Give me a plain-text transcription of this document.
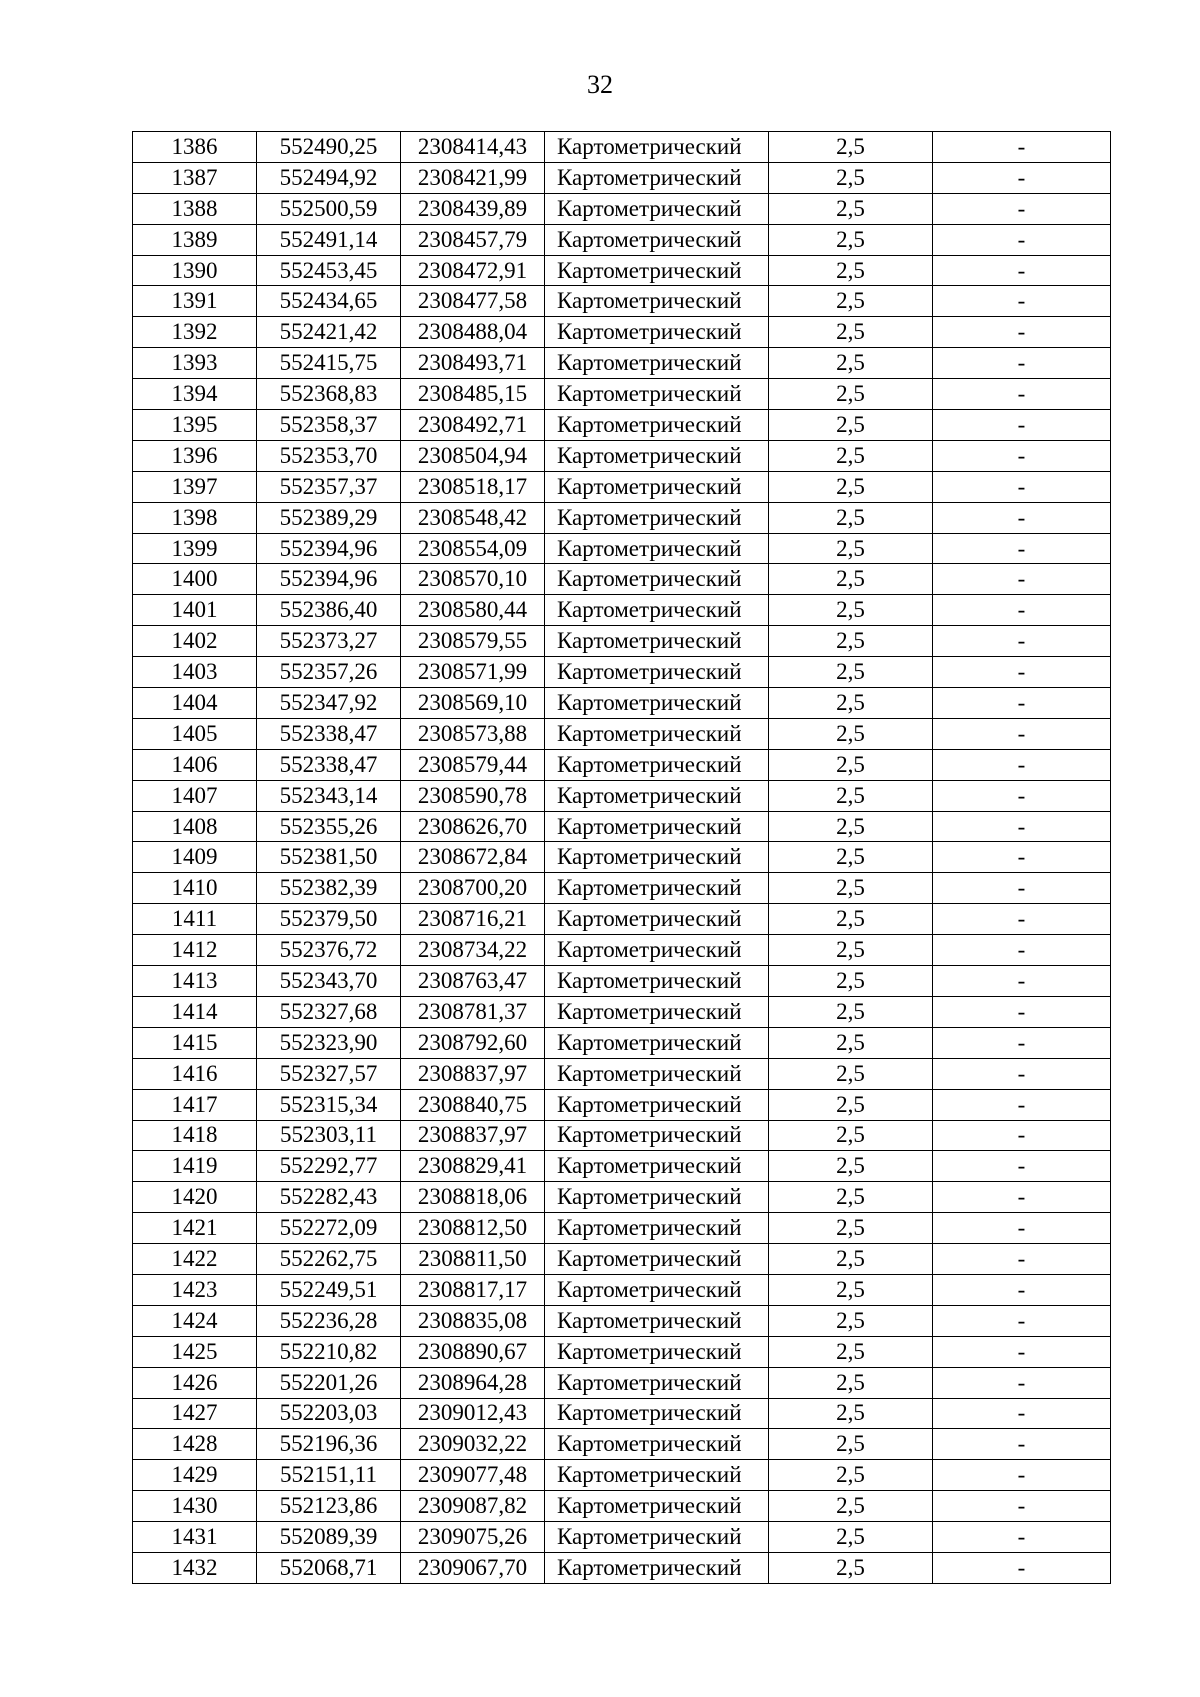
32
1386	552490,25	2308414,43	Картометрический	2,5	-
1387	552494,92	2308421,99	Картометрический	2,5	-
1388	552500,59	2308439,89	Картометрический	2,5	-
1389	552491,14	2308457,79	Картометрический	2,5	-
1390	552453,45	2308472,91	Картометрический	2,5	-
1391	552434,65	2308477,58	Картометрический	2,5	-
1392	552421,42	2308488,04	Картометрический	2,5	-
1393	552415,75	2308493,71	Картометрический	2,5	-
1394	552368,83	2308485,15	Картометрический	2,5	-
1395	552358,37	2308492,71	Картометрический	2,5	-
1396	552353,70	2308504,94	Картометрический	2,5	-
1397	552357,37	2308518,17	Картометрический	2,5	-
1398	552389,29	2308548,42	Картометрический	2,5	-
1399	552394,96	2308554,09	Картометрический	2,5	-
1400	552394,96	2308570,10	Картометрический	2,5	-
1401	552386,40	2308580,44	Картометрический	2,5	-
1402	552373,27	2308579,55	Картометрический	2,5	-
1403	552357,26	2308571,99	Картометрический	2,5	-
1404	552347,92	2308569,10	Картометрический	2,5	-
1405	552338,47	2308573,88	Картометрический	2,5	-
1406	552338,47	2308579,44	Картометрический	2,5	-
1407	552343,14	2308590,78	Картометрический	2,5	-
1408	552355,26	2308626,70	Картометрический	2,5	-
1409	552381,50	2308672,84	Картометрический	2,5	-
1410	552382,39	2308700,20	Картометрический	2,5	-
1411	552379,50	2308716,21	Картометрический	2,5	-
1412	552376,72	2308734,22	Картометрический	2,5	-
1413	552343,70	2308763,47	Картометрический	2,5	-
1414	552327,68	2308781,37	Картометрический	2,5	-
1415	552323,90	2308792,60	Картометрический	2,5	-
1416	552327,57	2308837,97	Картометрический	2,5	-
1417	552315,34	2308840,75	Картометрический	2,5	-
1418	552303,11	2308837,97	Картометрический	2,5	-
1419	552292,77	2308829,41	Картометрический	2,5	-
1420	552282,43	2308818,06	Картометрический	2,5	-
1421	552272,09	2308812,50	Картометрический	2,5	-
1422	552262,75	2308811,50	Картометрический	2,5	-
1423	552249,51	2308817,17	Картометрический	2,5	-
1424	552236,28	2308835,08	Картометрический	2,5	-
1425	552210,82	2308890,67	Картометрический	2,5	-
1426	552201,26	2308964,28	Картометрический	2,5	-
1427	552203,03	2309012,43	Картометрический	2,5	-
1428	552196,36	2309032,22	Картометрический	2,5	-
1429	552151,11	2309077,48	Картометрический	2,5	-
1430	552123,86	2309087,82	Картометрический	2,5	-
1431	552089,39	2309075,26	Картометрический	2,5	-
1432	552068,71	2309067,70	Картометрический	2,5	-
